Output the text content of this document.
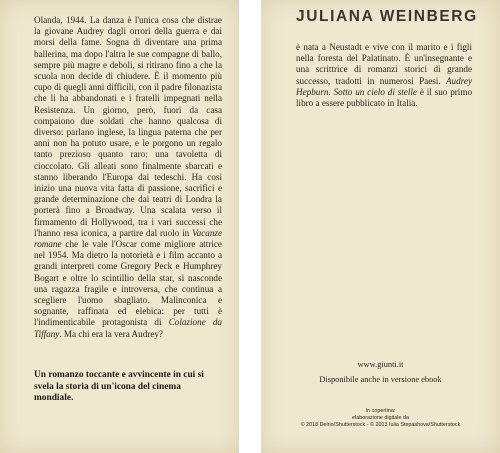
Olanda, 1944. La danza è l'unica cosa che distrae la giovane Audrey dagli orrori della guerra e dai morsi della fame. Sogna di diventare una prima ballerina, ma dopo l'altra le sue compagne di ballo, sempre più magre e deboli, si ritirano fino a che la scuola non decide di chiudere. È il momento più cupo di quegli anni difficili, con il padre filonazista che li ha abbandonati e i fratelli impegnati nella Resistenza. Un giorno, però, fuori da casa compaiono due soldati che hanno qualcosa di diverso: parlano inglese, la lingua paterna che per anni non ha potuto usare, e le porgono un regalo tanto prezioso quanto raro: una tavoletta di cioccolato. Gli alleati sono finalmente sbarcati e stanno liberando l'Europa dai tedeschi. Ha così inizio una nuova vita fatta di passione, sacrifici e grande determinazione che dai teatri di Londra la porterà fino a Broadway. Una scalata verso il firmamento di Hollywood, tra i vari successi che l'hanno resa iconica, a partire dal ruolo in Vacanze romane che le vale l'Oscar come migliore attrice nel 1954. Ma dietro la notorietà e i film accanto a grandi interpreti come Gregory Peck e Humphrey Bogart e oltre lo scintillio della star, si nasconde una ragazza fragile e introversa, che continua a scegliere l'uomo sbagliato. Malinconica e sognante, raffinata ed elebica: per tutti è l'indimenticabile protagonista di Colazione da Tiffany. Ma chi era la vera Audrey?

Un romanzo toccante e avvincente in cui si svela la storia di un'icona del cinema mondiale.

JULIANA WEINBERG
è nata a Neustadt e vive con il marito e i figli nella foresta del Palatinato. È un'insegnante e una scrittrice di romanzi storici di grande successo, tradotti in numerosi Paesi. Audrey Hepburn. Sotto un cielo di stelle è il suo primo libro a essere pubblicato in Italia.

www.giunti.it

Disponibile anche in versione ebook

In copertina:
elaborazione digitale da
© 2018 Delrio/Shutterstock - © 2013 Iulia Stepashova/Shutterstock
